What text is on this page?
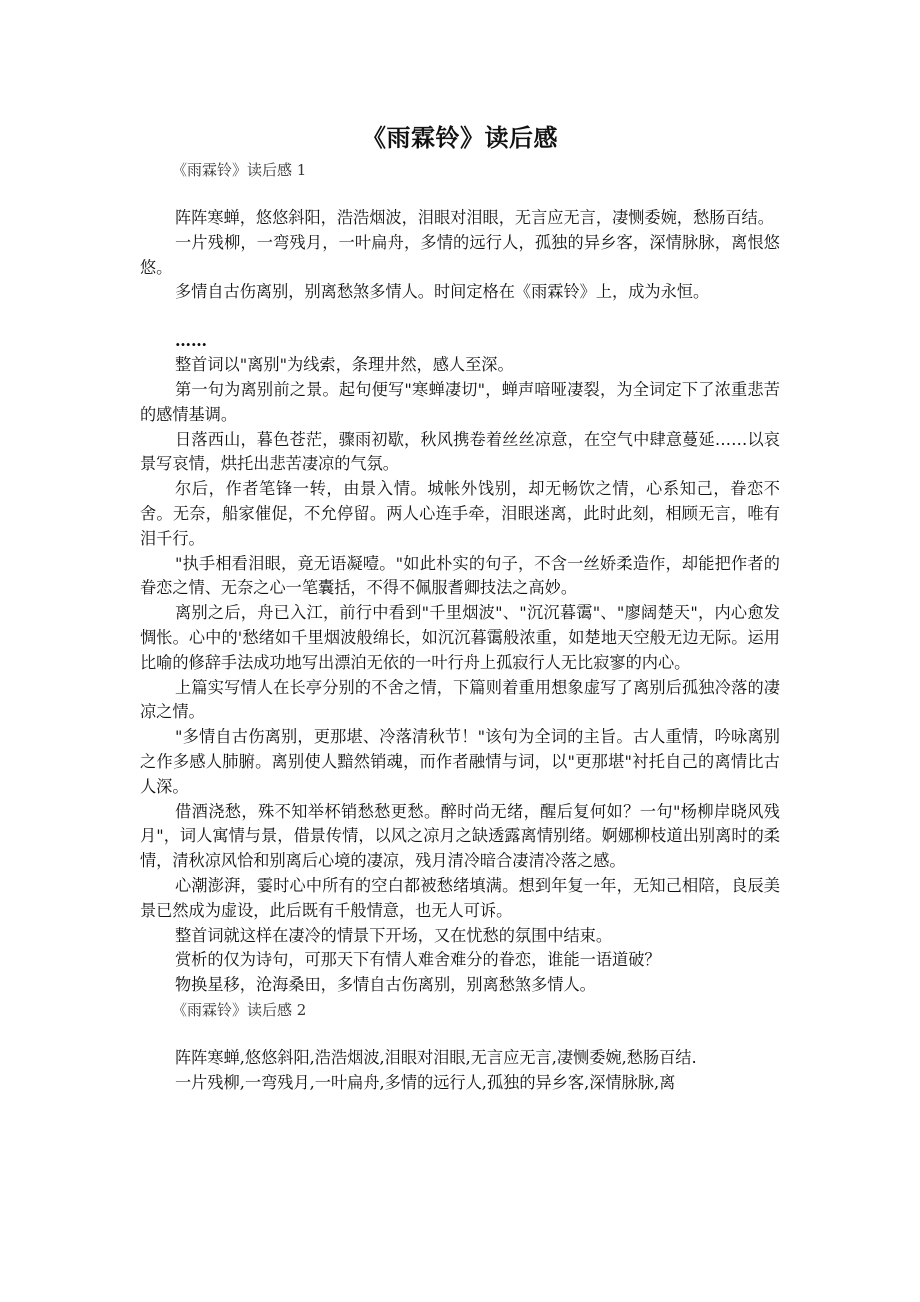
《雨霖铃》读后感

《雨霖铃》读后感 1

阵阵寒蝉，悠悠斜阳，浩浩烟波，泪眼对泪眼，无言应无言，凄恻委婉，愁肠百结。

一片残柳，一弯残月，一叶扁舟，多情的远行人，孤独的异乡客，深情脉脉，离恨悠悠。

多情自古伤离别，别离愁煞多情人。时间定格在《雨霖铃》上，成为永恒。

……

整首词以"离别"为线索，条理井然，感人至深。

第一句为离别前之景。起句便写"寒蝉凄切"，蝉声喑哑凄裂，为全词定下了浓重悲苦的感情基调。

日落西山，暮色苍茫，骤雨初歇，秋风携卷着丝丝凉意，在空气中肆意蔓延……以哀景写哀情，烘托出悲苦凄凉的气氛。

尔后，作者笔锋一转，由景入情。城帐外饯别，却无畅饮之情，心系知己，眷恋不舍。无奈，船家催促，不允停留。两人心连手牵，泪眼迷离，此时此刻，相顾无言，唯有泪千行。

"执手相看泪眼，竟无语凝噎。"如此朴实的句子，不含一丝娇柔造作，却能把作者的眷恋之情、无奈之心一笔囊括，不得不佩服耆卿技法之高妙。

离别之后，舟已入江，前行中看到"千里烟波"、"沉沉暮霭"、"廖阔楚天"，内心愈发惆怅。心中的'愁绪如千里烟波般绵长，如沉沉暮霭般浓重，如楚地天空般无边无际。运用比喻的修辞手法成功地写出漂泊无依的一叶行舟上孤寂行人无比寂寥的内心。

上篇实写情人在长亭分别的不舍之情，下篇则着重用想象虚写了离别后孤独冷落的凄凉之情。

"多情自古伤离别，更那堪、冷落清秋节！"该句为全词的主旨。古人重情，吟咏离别之作多感人肺腑。离别使人黯然销魂，而作者融情与词，以"更那堪"衬托自己的离情比古人深。

借酒浇愁，殊不知举杯销愁愁更愁。醉时尚无绪，醒后复何如？一句"杨柳岸晓风残月"，词人寓情与景，借景传情，以风之凉月之缺透露离情别绪。婀娜柳枝道出别离时的柔情，清秋凉风恰和别离后心境的凄凉，残月清冷暗合凄清冷落之感。

心潮澎湃，霎时心中所有的空白都被愁绪填满。想到年复一年，无知己相陪，良辰美景已然成为虚设，此后既有千般情意，也无人可诉。

整首词就这样在凄冷的情景下开场，又在忧愁的氛围中结束。

赏析的仅为诗句，可那天下有情人难舍难分的眷恋，谁能一语道破？

物换星移，沧海桑田，多情自古伤离别，别离愁煞多情人。

《雨霖铃》读后感 2

阵阵寒蝉,悠悠斜阳,浩浩烟波,泪眼对泪眼,无言应无言,凄恻委婉,愁肠百结.

一片残柳,一弯残月,一叶扁舟,多情的远行人,孤独的异乡客,深情脉脉,离
